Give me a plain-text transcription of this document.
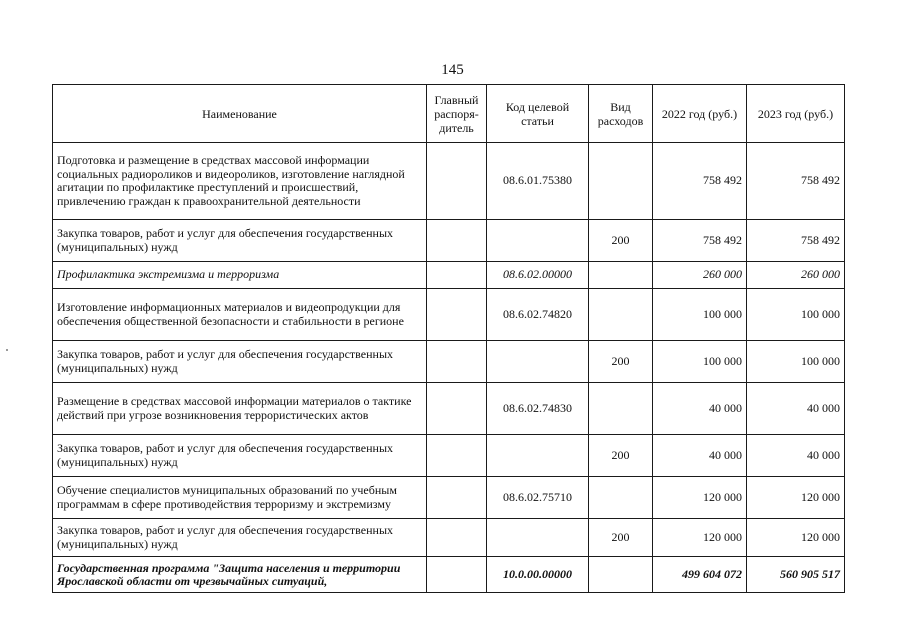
145
Наименование	Главный распоря-дитель	Код целевой статьи	Вид расходов	2022 год (руб.)	2023 год (руб.)
Подготовка и размещение в средствах массовой информации социальных радиороликов и видеороликов, изготовление наглядной агитации по профилактике преступлений и происшествий, привлечению граждан к правоохранительной деятельности		08.6.01.75380		758 492	758 492
Закупка товаров, работ и услуг для обеспечения государственных (муниципальных) нужд			200	758 492	758 492
Профилактика экстремизма и терроризма		08.6.02.00000		260 000	260 000
Изготовление информационных материалов и видеопродукции для обеспечения общественной безопасности и стабильности в регионе		08.6.02.74820		100 000	100 000
Закупка товаров, работ и услуг для обеспечения государственных (муниципальных) нужд			200	100 000	100 000
Размещение в средствах массовой информации материалов о тактике действий при угрозе возникновения террористических актов		08.6.02.74830		40 000	40 000
Закупка товаров, работ и услуг для обеспечения государственных (муниципальных) нужд			200	40 000	40 000
Обучение специалистов муниципальных образований по учебным программам в сфере противодействия терроризму и экстремизму		08.6.02.75710		120 000	120 000
Закупка товаров, работ и услуг для обеспечения государственных (муниципальных) нужд			200	120 000	120 000
Государственная программа "Защита населения и территории Ярославской области от чрезвычайных ситуаций,		10.0.00.00000		499 604 072	560 905 517
